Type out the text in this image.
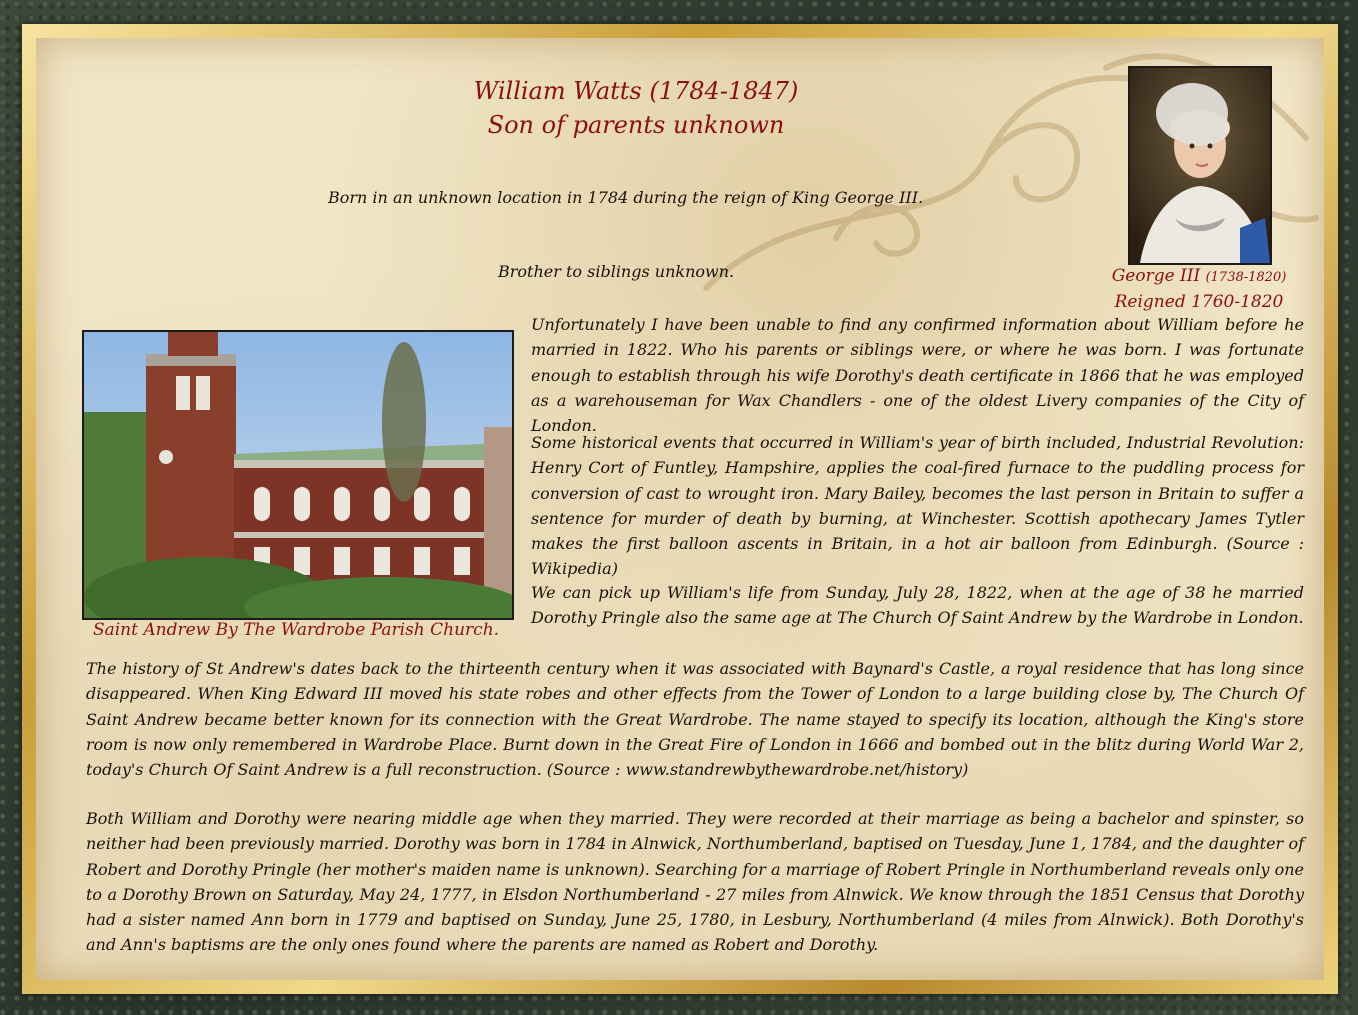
William Watts (1784-1847)
Son of parents unknown
Born in an unknown location in 1784 during the reign of King George III.
Brother to siblings unknown.	George III (1738-1820)
Reigned 1760-1820
Saint Andrew By The Wardrobe Parish Church.

Unfortunately I have been unable to find any confirmed information about William before he married in 1822. Who his parents or siblings were, or where he was born. I was fortunate enough to establish through his wife Dorothy's death certificate in 1866 that he was employed as a warehouseman for Wax Chandlers - one of the oldest Livery companies of the City of London.

Some historical events that occurred in William's year of birth included, Industrial Revolution: Henry Cort of Funtley, Hampshire, applies the coal-fired furnace to the puddling process for conversion of cast to wrought iron. Mary Bailey, becomes the last person in Britain to suffer a sentence for murder of death by burning, at Winchester. Scottish apothecary James Tytler makes the first balloon ascents in Britain, in a hot air balloon from Edinburgh. (Source : Wikipedia)

We can pick up William's life from Sunday, July 28, 1822, when at the age of 38 he married Dorothy Pringle also the same age at The Church Of Saint Andrew by the Wardrobe in London.

The history of St Andrew's dates back to the thirteenth century when it was associated with Baynard's Castle, a royal residence that has long since disappeared. When King Edward III moved his state robes and other effects from the Tower of London to a large building close by, The Church Of Saint Andrew became better known for its connection with the Great Wardrobe. The name stayed to specify its location, although the King's store room is now only remembered in Wardrobe Place. Burnt down in the Great Fire of London in 1666 and bombed out in the blitz during World War 2, today's Church Of Saint Andrew is a full reconstruction. (Source : www.standrewbythewardrobe.net/history)

Both William and Dorothy were nearing middle age when they married. They were recorded at their marriage as being a bachelor and spinster, so neither had been previously married. Dorothy was born in 1784 in Alnwick, Northumberland, baptised on Tuesday, June 1, 1784, and the daughter of Robert and Dorothy Pringle (her mother's maiden name is unknown). Searching for a marriage of Robert Pringle in Northumberland reveals only one to a Dorothy Brown on Saturday, May 24, 1777, in Elsdon Northumberland - 27 miles from Alnwick. We know through the 1851 Census that Dorothy had a sister named Ann born in 1779 and baptised on Sunday, June 25, 1780, in Lesbury, Northumberland (4 miles from Alnwick). Both Dorothy's and Ann's baptisms are the only ones found where the parents are named as Robert and Dorothy.
